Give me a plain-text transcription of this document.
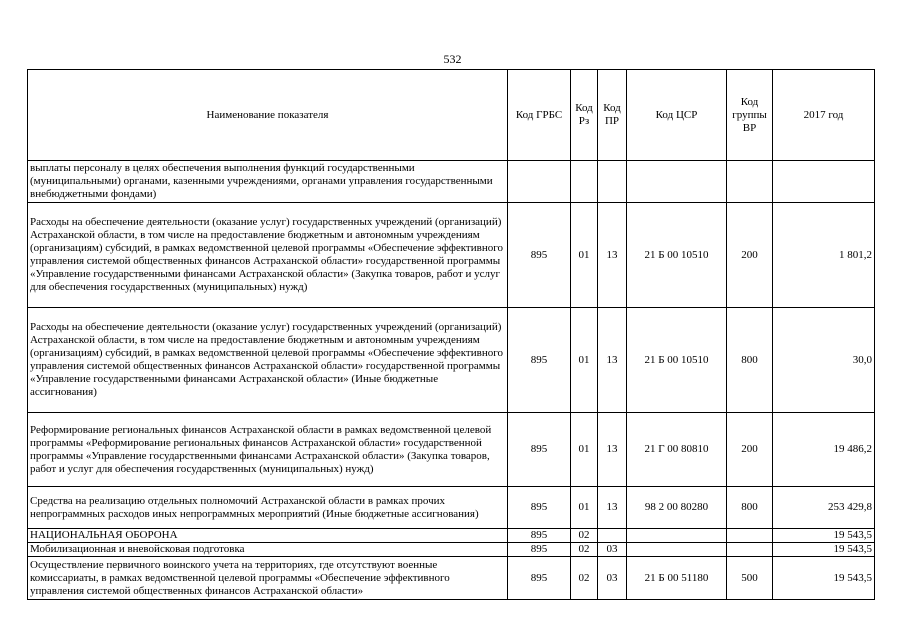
532
Наименование показателя	Код ГРБС	Код Рз	Код ПР	Код ЦСР	Код группы ВР	2017 год
выплаты персоналу в целях обеспечения выполнения функций государственными (муниципальными) органами, казенными учреждениями, органами управления государственными внебюджетными фондами)						
Расходы на обеспечение деятельности (оказание услуг) государственных учреждений (организаций) Астраханской области, в том числе на предоставление бюджетным и автономным учреждениям (организациям) субсидий, в рамках ведомственной целевой программы «Обеспечение эффективного управления системой общественных финансов Астраханской области» государственной программы «Управление государственными финансами Астраханской области» (Закупка товаров, работ и услуг для обеспечения государственных (муниципальных) нужд)	895	01	13	21 Б 00 10510	200	1 801,2
Расходы на обеспечение деятельности (оказание услуг) государственных учреждений (организаций) Астраханской области, в том числе на предоставление бюджетным и автономным учреждениям (организациям) субсидий, в рамках ведомственной целевой программы «Обеспечение эффективного управления системой общественных финансов Астраханской области» государственной программы «Управление государственными финансами Астраханской области» (Иные бюджетные ассигнования)	895	01	13	21 Б 00 10510	800	30,0
Реформирование региональных финансов Астраханской области в рамках ведомственной целевой программы «Реформирование региональных финансов Астраханской области» государственной программы «Управление государственными финансами Астраханской области» (Закупка товаров, работ и услуг для обеспечения государственных (муниципальных) нужд)	895	01	13	21 Г 00 80810	200	19 486,2
Средства на реализацию отдельных полномочий Астраханской области в рамках прочих непрограммных расходов иных непрограммных мероприятий (Иные бюджетные ассигнования)	895	01	13	98 2 00 80280	800	253 429,8
НАЦИОНАЛЬНАЯ ОБОРОНА	895	02				19 543,5
Мобилизационная и вневойсковая подготовка	895	02	03			19 543,5
Осуществление первичного воинского учета на территориях, где отсутствуют военные комиссариаты, в рамках ведомственной целевой программы «Обеспечение эффективного управления системой общественных финансов Астраханской области»	895	02	03	21 Б 00 51180	500	19 543,5
